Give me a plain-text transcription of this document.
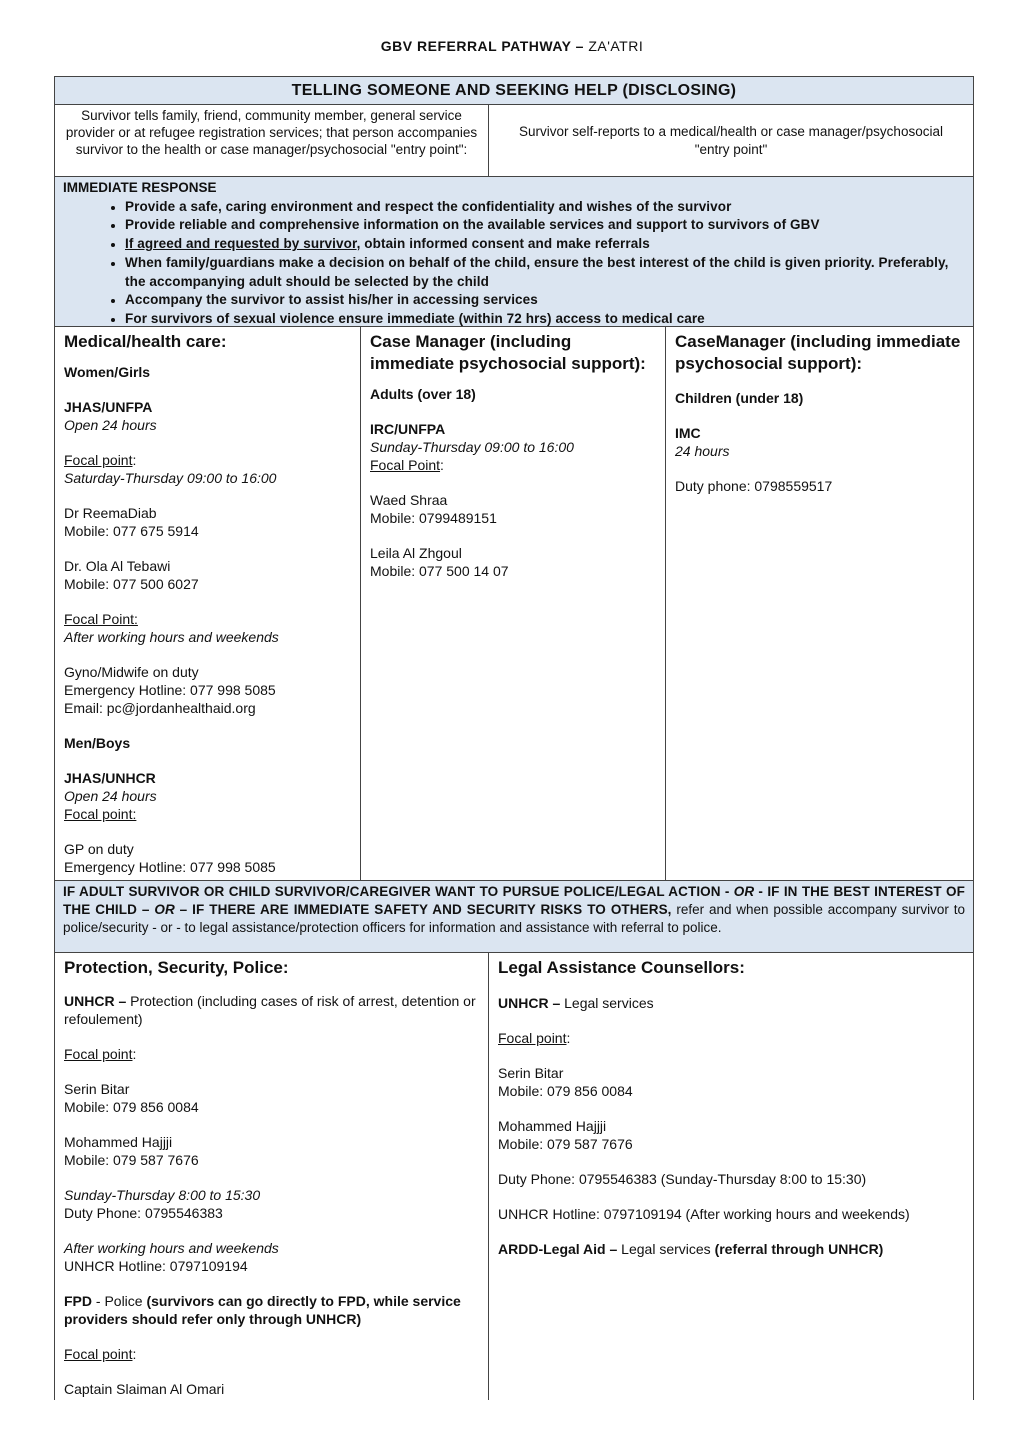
GBV REFERRAL PATHWAY – ZA'ATRI
TELLING SOMEONE AND SEEKING HELP (DISCLOSING)
Survivor tells family, friend, community member, general service provider or at refugee registration services; that person accompanies survivor to the health or case manager/psychosocial "entry point":
Survivor self-reports to a medical/health or case manager/psychosocial "entry point"
IMMEDIATE RESPONSE
• Provide a safe, caring environment and respect the confidentiality and wishes of the survivor
• Provide reliable and comprehensive information on the available services and support to survivors of GBV
• If agreed and requested by survivor, obtain informed consent and make referrals
• When family/guardians make a decision on behalf of the child, ensure the best interest of the child is given priority. Preferably, the accompanying adult should be selected by the child
• Accompany the survivor to assist his/her in accessing services
• For survivors of sexual violence ensure immediate (within 72 hrs) access to medical care
Medical/health care:

Women/Girls

JHAS/UNFPA

Open 24 hours

Focal point:

Saturday-Thursday 09:00 to 16:00

Dr ReemaDiab

Mobile: 077 675 5914

Dr. Ola Al Tebawi

Mobile: 077 500 6027

Focal Point:

After working hours and weekends

Gyno/Midwife on duty

Emergency Hotline: 077 998 5085

Email: pc@jordanhealthaid.org

Men/Boys

JHAS/UNHCR

Open 24 hours

Focal point:

GP on duty

Emergency Hotline: 077 998 5085

Case Manager (including immediate psychosocial support):

Adults (over 18)

IRC/UNFPA

Sunday-Thursday 09:00 to 16:00

Focal Point:

Waed Shraa

Mobile: 0799489151

Leila Al Zhgoul

Mobile: 077 500 14 07

CaseManager (including immediate psychosocial support):

Children (under 18)

IMC

24 hours

Duty phone: 0798559517

IF ADULT SURVIVOR OR CHILD SURVIVOR/CAREGIVER WANT TO PURSUE POLICE/LEGAL ACTION - OR - IF IN THE BEST INTEREST OF THE CHILD – OR – IF THERE ARE IMMEDIATE SAFETY AND SECURITY RISKS TO OTHERS, refer and when possible accompany survivor to police/security - or - to legal assistance/protection officers for information and assistance with referral to police.
Protection, Security, Police:

UNHCR – Protection (including cases of risk of arrest, detention or refoulement)

Focal point:

Serin Bitar

Mobile: 079 856 0084

Mohammed Hajjji

Mobile: 079 587 7676

Sunday-Thursday 8:00 to 15:30

Duty Phone: 0795546383

After working hours and weekends

UNHCR Hotline: 0797109194

FPD - Police (survivors can go directly to FPD, while service providers should refer only through UNHCR)

Focal point:

Captain Slaiman Al Omari

Legal Assistance Counsellors:

UNHCR – Legal services

Focal point:

Serin Bitar

Mobile: 079 856 0084

Mohammed Hajjji

Mobile: 079 587 7676

Duty Phone: 0795546383 (Sunday-Thursday 8:00 to 15:30)

UNHCR Hotline: 0797109194 (After working hours and weekends)

ARDD-Legal Aid – Legal services (referral through UNHCR)
